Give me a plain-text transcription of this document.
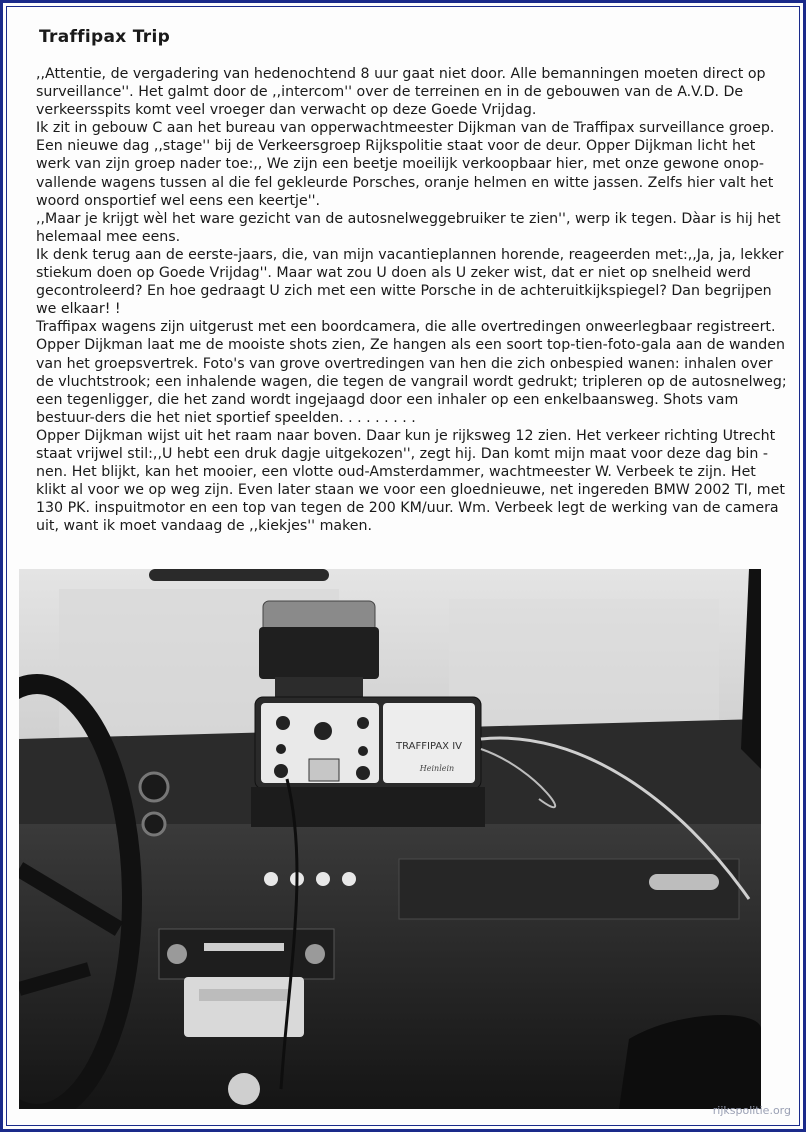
Traffipax Trip

,,Attentie, de vergadering van hedenochtend 8 uur gaat niet door. Alle bemanningen moeten direct op surveillance''. Het galmt door de ,,intercom'' over de terreinen en in de gebouwen van de A.V.D. De verkeersspits komt veel vroeger dan verwacht op deze Goede Vrijdag.
Ik zit in gebouw C aan het bureau van opperwachtmeester Dijkman van de Traffipax surveillance groep. Een nieuwe dag ,,stage'' bij de Verkeersgroep Rijkspolitie staat voor de deur. Opper Dijkman licht het werk van zijn groep nader toe:,, We zijn een beetje moeilijk verkoopbaar hier, met onze gewone onop-vallende wagens tussen al die fel gekleurde Porsches, oranje helmen en witte jassen. Zelfs hier valt het woord onsportief wel eens een keertje''.
,,Maar je krijgt wèl het ware gezicht van de autosnelweggebruiker te zien'', werp ik tegen. Dàar is hij het helemaal mee eens.
Ik denk terug aan de eerste-jaars, die, van mijn vacantieplannen horende, reageerden met:,,Ja, ja, lekker stiekum doen op Goede Vrijdag''. Maar wat zou U doen als U zeker wist, dat er niet op snelheid werd gecontroleerd? En hoe gedraagt U zich met een witte Porsche in de achteruitkijkspiegel? Dan begrijpen we elkaar! !
Traffipax wagens zijn uitgerust met een boordcamera, die alle overtredingen onweerlegbaar registreert. Opper Dijkman laat me de mooiste shots zien, Ze hangen als een soort top-tien-foto-gala aan de wanden van het groepsvertrek. Foto's van grove overtredingen van hen die zich onbespied wanen: inhalen over de vluchtstrook; een inhalende wagen, die tegen de vangrail wordt gedrukt; tripleren op de autosnelweg; een tegenligger, die het zand wordt ingejaagd door een inhaler op een enkelbaansweg. Shots vam bestuur-ders die het niet sportief speelden. . . . . . . . .
Opper Dijkman wijst uit het raam naar boven. Daar kun je rijksweg 12 zien. Het verkeer richting Utrecht staat vrijwel stil:,,U hebt een druk dagje uitgekozen'', zegt hij. Dan komt mijn maat voor deze dag bin - nen. Het blijkt, kan het mooier, een vlotte oud-Amsterdammer, wachtmeester W. Verbeek te zijn. Het klikt al voor we op weg zijn. Even later staan we voor een gloednieuwe, net ingereden BMW 2002 TI, met 130 PK. inspuitmotor en een top van tegen de 200 KM/uur. Wm. Verbeek legt de werking van de camera uit, want ik moet vandaag de ,,kiekjes'' maken.

TRAFFIPAX IV
Heinlein
rijkspolitie.org
